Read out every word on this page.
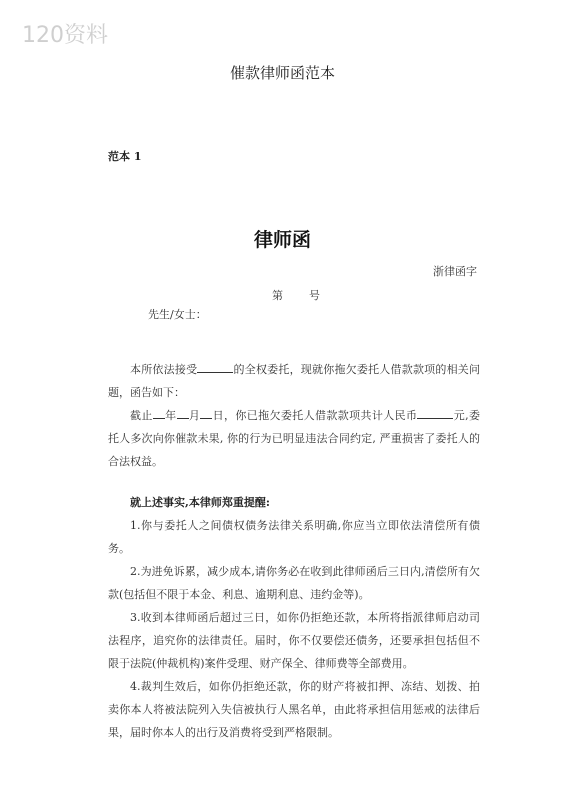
120资料
催款律师函范本
范本 1
律师函
浙律函字
第 号
先生/女士：

本所依法接受	的全权委托，现就你拖欠委托人借款款项的相关问题，函告如下：

截止 年 月 日，你已拖欠委托人借款款项共计人民币	元,委托人多次向你催款未果, 你的行为已明显违法合同约定, 严重损害了委托人的合法权益。

就上述事实,本律师郑重提醒:

1.你与委托人之间债权债务法律关系明确,你应当立即依法清偿所有债务。

2.为进免诉累，减少成本,请你务必在收到此律师函后三日内,清偿所有欠款(包括但不限于本金、利息、逾期利息、违约金等)。

3.收到本律师函后超过三日，如你仍拒绝还款，本所将指派律师启动司法程序，追究你的法律责任。届时，你不仅要偿还债务，还要承担包括但不限于法院(仲裁机构)案件受理、财产保全、律师费等全部费用。

4.裁判生效后，如你仍拒绝还款，你的财产将被扣押、冻结、划拨、拍卖你本人将被法院列入失信被执行人黑名单，由此将承担信用惩戒的法律后果，届时你本人的出行及消费将受到严格限制。
